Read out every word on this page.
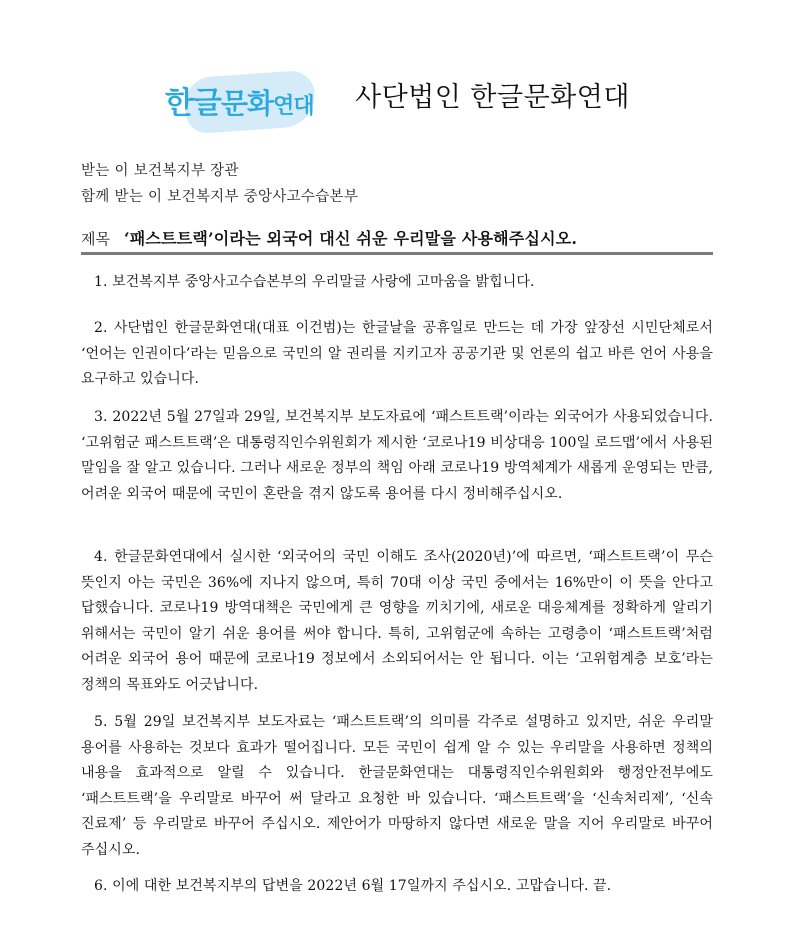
한글문화연대 사단법인 한글문화연대
받는 이 보건복지부 장관
함께 받는 이 보건복지부 중앙사고수습본부
제목 ‘패스트트랙’이라는 외국어 대신 쉬운 우리말을 사용해주십시오.
1. 보건복지부 중앙사고수습본부의 우리말글 사랑에 고마움을 밝힙니다.
2. 사단법인 한글문화연대(대표 이건범)는 한글날을 공휴일로 만드는 데 가장 앞장선 시민단체로서 ‘언어는 인권이다’라는 믿음으로 국민의 알 권리를 지키고자 공공기관 및 언론의 쉽고 바른 언어 사용을 요구하고 있습니다.
3. 2022년 5월 27일과 29일, 보건복지부 보도자료에 ‘패스트트랙’이라는 외국어가 사용되었습니다. ‘고위험군 패스트트랙’은 대통령직인수위원회가 제시한 ‘코로나19 비상대응 100일 로드맵’에서 사용된 말임을 잘 알고 있습니다. 그러나 새로운 정부의 책임 아래 코로나19 방역체계가 새롭게 운영되는 만큼, 어려운 외국어 때문에 국민이 혼란을 겪지 않도록 용어를 다시 정비해주십시오.
4. 한글문화연대에서 실시한 ‘외국어의 국민 이해도 조사(2020년)’에 따르면, ‘패스트트랙’이 무슨 뜻인지 아는 국민은 36%에 지나지 않으며, 특히 70대 이상 국민 중에서는 16%만이 이 뜻을 안다고 답했습니다. 코로나19 방역대책은 국민에게 큰 영향을 끼치기에, 새로운 대응체계를 정확하게 알리기 위해서는 국민이 알기 쉬운 용어를 써야 합니다. 특히, 고위험군에 속하는 고령층이 ‘패스트트랙’처럼 어려운 외국어 용어 때문에 코로나19 정보에서 소외되어서는 안 됩니다. 이는 ‘고위험계층 보호’라는 정책의 목표와도 어긋납니다.
5. 5월 29일 보건복지부 보도자료는 ‘패스트트랙’의 의미를 각주로 설명하고 있지만, 쉬운 우리말 용어를 사용하는 것보다 효과가 떨어집니다. 모든 국민이 쉽게 알 수 있는 우리말을 사용하면 정책의 내용을 효과적으로 알릴 수 있습니다. 한글문화연대는 대통령직인수위원회와 행정안전부에도 ‘패스트트랙’을 우리말로 바꾸어 써 달라고 요청한 바 있습니다. ‘패스트트랙’을 ‘신속처리제’, ‘신속 진료제’ 등 우리말로 바꾸어 주십시오. 제안어가 마땅하지 않다면 새로운 말을 지어 우리말로 바꾸어 주십시오.
6. 이에 대한 보건복지부의 답변을 2022년 6월 17일까지 주십시오. 고맙습니다. 끝.
